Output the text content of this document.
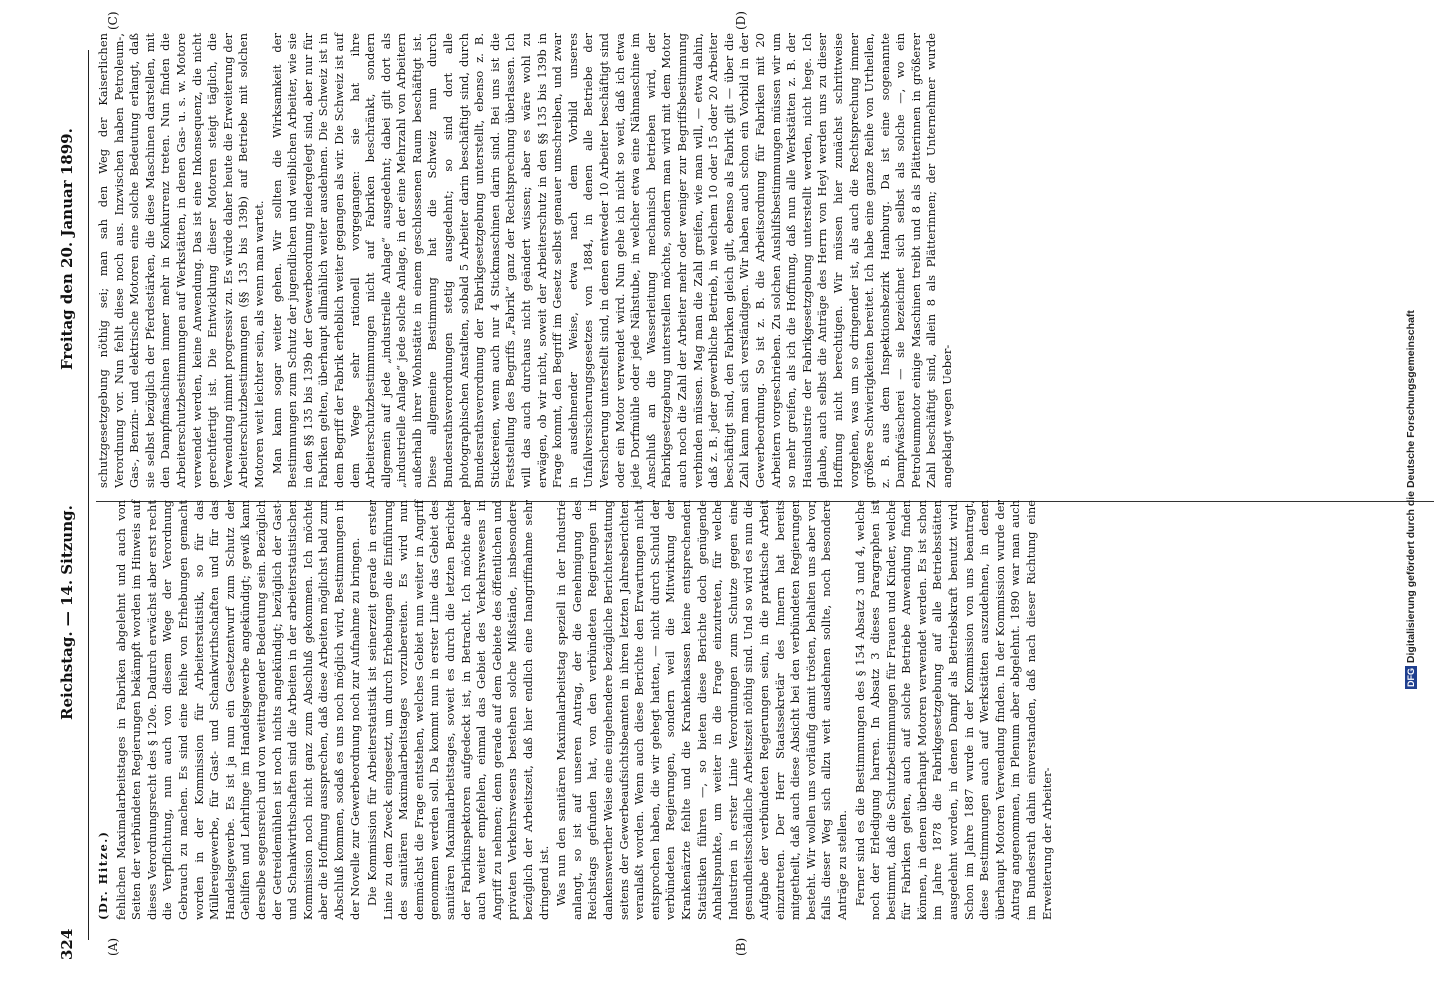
324
Reichstag. — 14. Sitzung.
Freitag den 20. Januar 1899.
(A)	(B)
(C)	(D)

(Dr. Hitze.) fehlichen Maximalarbeitstages in Fabriken abgelehnt und auch von Seiten der verbündeten Regierungen bekämpft worden im Hinweis auf dieses Verordnungsrecht des § 120e. Dadurch erwächst aber erst recht die Verpflichtung, nun auch von diesem Wege der Verordnung Gebrauch zu machen. Es sind eine Reihe von Erhebungen gemacht worden in der Kommission für Arbeiterstatistik, so für das Müllereigewerbe, für Gast- und Schankwirthschaften und für das Handelsgewerbe. Es ist ja nun ein Gesetzentwurf zum Schutz der Gehilfen und Lehrlinge im Handelsgewerbe angekündigt; gewiß kann derselbe segensreich und von weittragender Bedeutung sein. Bezüglich der Getreidemühlen ist noch nichts angekündigt; bezüglich der Gast- und Schankwirthschaften sind die Arbeiten in der arbeiterstatistischen Kommission noch nicht ganz zum Abschluß gekommen. Ich möchte aber die Hoffnung aussprechen, daß diese Arbeiten möglichst bald zum Abschluß kommen, sodaß es uns noch möglich wird, Bestimmungen in der Novelle zur Gewerbeordnung noch zur Aufnahme zu bringen. Die Kommission für Arbeiterstatistik ist seinerzeit gerade in erster Linie zu dem Zweck eingesetzt, um durch Erhebungen die Einführung des sanitären Maximalarbeitstages vorzubereiten. Es wird nun demnächst die Frage entstehen, welches Gebiet nun weiter in Angriff genommen werden soll. Da kommt nun in erster Linie das Gebiet des sanitären Maximalarbeitstages, soweit es durch die letzten Berichte der Fabrikinspektoren aufgedeckt ist, in Betracht. Ich möchte aber auch weiter empfehlen, einmal das Gebiet des Verkehrswesens in Angriff zu nehmen; denn gerade auf dem Gebiete des öffentlichen und privaten Verkehrswesens bestehen solche Mißstände, insbesondere bezüglich der Arbeitszeit, daß hier endlich eine Inangriffnahme sehr dringend ist. Was nun den sanitären Maximalarbeitstag speziell in der Industrie anlangt, so ist auf unseren Antrag, der die Genehmigung des Reichstags gefunden hat, von den verbündeten Regierungen in dankenswerther Weise eine eingehendere bezügliche Berichterstattung seitens der Gewerbeaufsichtsbeamten in ihren letzten Jahresberichten veranlaßt worden. Wenn auch diese Berichte den Erwartungen nicht entsprochen haben, die wir gehegt hatten, — nicht durch Schuld der verbündeten Regierungen, sondern weil die Mitwirkung der Krankenärzte fehlte und die Krankenkassen keine entsprechenden Statistiken führen —, so bieten diese Berichte doch genügende Anhaltspunkte, um weiter in die Frage einzutreten, für welche Industrien in erster Linie Verordnungen zum Schutze gegen eine gesundheitsschädliche Arbeitszeit nöthig sind. Und so wird es nun die Aufgabe der verbündeten Regierungen sein, in die praktische Arbeit einzutreten. Der Herr Staatssekretär des Innern hat bereits mitgetheilt, daß auch diese Absicht bei den verbündeten Regierungen besteht. Wir wollen uns vorläufig damit trösten, behalten uns aber vor, falls dieser Weg sich allzu weit ausdehnen sollte, noch besondere Anträge zu stellen. Ferner sind es die Bestimmungen des § 154 Absatz 3 und 4, welche noch der Erledigung harren. In Absatz 3 dieses Paragraphen ist bestimmt, daß die Schutzbestimmungen für Frauen und Kinder, welche für Fabriken gelten, auch auf solche Betriebe Anwendung finden können, in denen überhaupt Motoren verwendet werden. Es ist schon im Jahre 1878 die Fabrikgesetzgebung auf alle Betriebsstätten ausgedehnt worden, in denen Dampf als Betriebskraft benutzt wird. Schon im Jahre 1887 wurde in der Kommission von uns beantragt, diese Bestimmungen auch auf Werkstätten auszudehnen, in denen überhaupt Motoren Verwendung finden. In der Kommission wurde der Antrag angenommen, im Plenum aber abgelehnt. 1890 war man auch im Bundesrath dahin einverstanden, daß nach dieser Richtung eine Erweiterung der Arbeiter-

schutzgesetzgebung nöthig sei; man sah den Weg der Kaiserlichen Verordnung vor. Nun fehlt diese noch aus. Inzwischen haben Petroleum-, Gas-, Benzin- und elektrische Motoren eine solche Bedeutung erlangt, daß sie selbst bezüglich der Pferdestärken, die diese Maschinen darstellen, mit den Dampfmaschinen immer mehr in Konkurrenz treten. Nun finden die Arbeiterschutzbestimmungen auf Werkstätten, in denen Gas- u. s. w. Motore verwendet werden, keine Anwendung. Das ist eine Inkonsequenz, die nicht gerechtfertigt ist. Die Entwicklung dieser Motoren steigt täglich, die Verwendung nimmt progressiv zu. Es würde daher heute die Erweiterung der Arbeiterschutzbestimmungen (§§ 135 bis 139b) auf Betriebe mit solchen Motoren weit leichter sein, als wenn man wartet. Man kann sogar weiter gehen. Wir sollten die Wirksamkeit der Bestimmungen zum Schutz der jugendlichen und weiblichen Arbeiter, wie sie in den §§ 135 bis 139b der Gewerbeordnung niedergelegt sind, aber nur für Fabriken gelten, überhaupt allmählich weiter ausdehnen. Die Schweiz ist in dem Begriff der Fabrik erheblich weiter gegangen als wir. Die Schweiz ist auf dem Wege sehr rationell vorgegangen: sie hat ihre Arbeiterschutzbestimmungen nicht auf Fabriken beschränkt, sondern allgemein auf jede „industrielle Anlage“ ausgedehnt; dabei gilt dort als „industrielle Anlage“ jede solche Anlage, in der eine Mehrzahl von Arbeitern außerhalb ihrer Wohnstätte in einem geschlossenen Raum beschäftigt ist. Diese allgemeine Bestimmung hat die Schweiz nun durch Bundesrathsverordnungen stetig ausgedehnt; so sind dort alle photographischen Anstalten, sobald 5 Arbeiter darin beschäftigt sind, durch Bundesrathsverordnung der Fabrikgesetzgebung unterstellt, ebenso z. B. Stickereien, wenn auch nur 4 Stickmaschinen darin sind. Bei uns ist die Feststellung des Begriffs „Fabrik“ ganz der Rechtsprechung überlassen. Ich will das auch durchaus nicht geändert wissen; aber es wäre wohl zu erwägen, ob wir nicht, soweit der Arbeiterschutz in den §§ 135 bis 139b in Frage kommt, den Begriff im Gesetz selbst genauer umschreiben, und zwar in ausdehnender Weise, etwa nach dem Vorbild unseres Unfallversicherungsgesetzes von 1884, in denen alle Betriebe der Versicherung unterstellt sind, in denen entweder 10 Arbeiter beschäftigt sind oder ein Motor verwendet wird. Nun gehe ich nicht so weit, daß ich etwa jede Dorfmühle oder jede Nähstube, in welcher etwa eine Nähmaschine im Anschluß an die Wasserleitung mechanisch betrieben wird, der Fabrikgesetzgebung unterstellen möchte, sondern man wird mit dem Motor auch noch die Zahl der Arbeiter mehr oder weniger zur Begriffsbestimmung verbinden müssen. Mag man die Zahl greifen, wie man will, — etwa dahin, daß z. B. jeder gewerbliche Betrieb, in welchem 10 oder 15 oder 20 Arbeiter beschäftigt sind, den Fabriken gleich gilt, ebenso als Fabrik gilt — über die Zahl kann man sich verständigen. Wir haben auch schon ein Vorbild in der Gewerbeordnung. So ist z. B. die Arbeitsordnung für Fabriken mit 20 Arbeitern vorgeschrieben. Zu solchen Aushilfsbestimmungen müssen wir um so mehr greifen, als ich die Hoffnung, daß nun alle Werkstätten z. B. der Hausindustrie der Fabrikgesetzgebung unterstellt werden, nicht hege. Ich glaube, auch selbst die Anträge des Herrn von Heyl werden uns zu dieser Hoffnung nicht berechtigen. Wir müssen hier zunächst schrittweise vorgehen, was um so dringender ist, als auch die Rechtsprechung immer größere Schwierigkeiten bereitet. Ich habe eine ganze Reihe von Urtheilen, z. B. aus dem Inspektionsbezirk Hamburg. Da ist eine sogenannte Dampfwäscherei — sie bezeichnet sich selbst als solche —, wo ein Petroleummotor einige Maschinen treibt und 8 als Plätterinnen in größerer Zahl beschäftigt sind, allein 8 als Plätterinnen; der Unternehmer wurde angeklagt wegen Ueber-

DFG Digitalisierung gefördert durch die Deutsche Forschungsgemeinschaft
